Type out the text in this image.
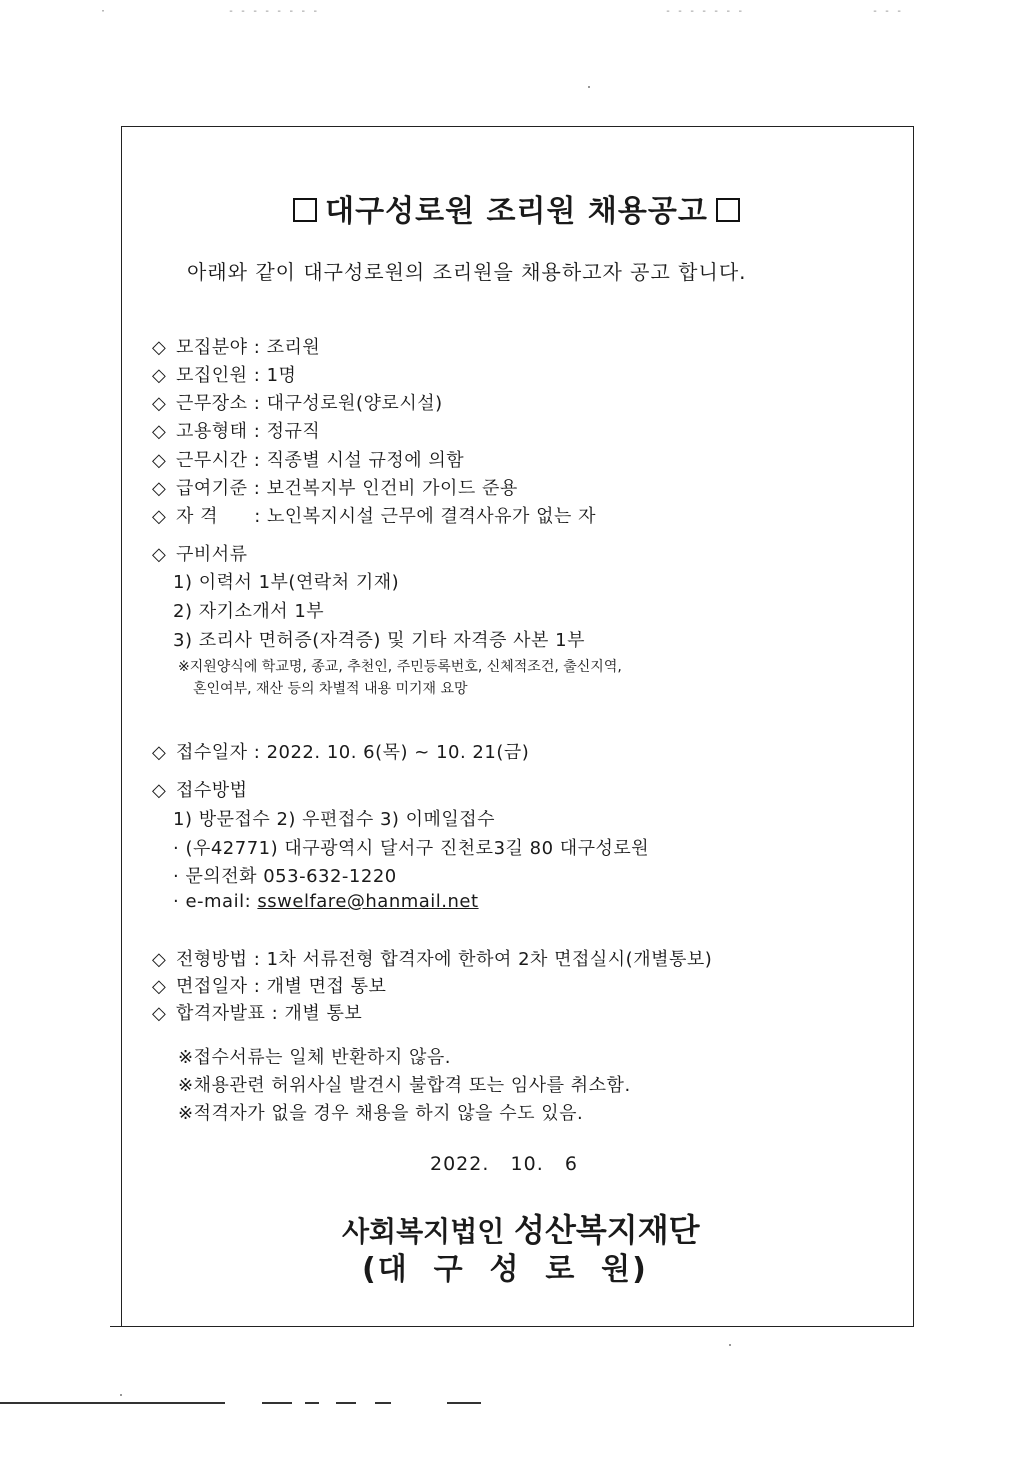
·	- - - - - - - -	- - - - - - -	- - -
대구성로원 조리원 채용공고
아래와 같이 대구성로원의 조리원을 채용하고자 공고 합니다.
◇ 모집분야 : 조리원
◇ 모집인원 : 1명
◇ 근무장소 : 대구성로원(양로시설)
◇ 고용형태 : 정규직
◇ 근무시간 : 직종별 시설 규정에 의함
◇ 급여기준 : 보건복지부 인건비 가이드 준용
◇ 자 격 : 노인복지시설 근무에 결격사유가 없는 자
◇ 구비서류
1) 이력서 1부(연락처 기재)
2) 자기소개서 1부
3) 조리사 면허증(자격증) 및 기타 자격증 사본 1부
※지원양식에 학교명, 종교, 추천인, 주민등록번호, 신체적조건, 출신지역,
혼인여부, 재산 등의 차별적 내용 미기재 요망
◇ 접수일자 : 2022. 10. 6(목) ~ 10. 21(금)
◇ 접수방법
1) 방문접수 2) 우편접수 3) 이메일접수
· (우42771) 대구광역시 달서구 진천로3길 80 대구성로원
· 문의전화 053-632-1220
· e-mail: sswelfare@hanmail.net
◇ 전형방법 : 1차 서류전형 합격자에 한하여 2차 면접실시(개별통보)
◇ 면접일자 : 개별 면접 통보
◇ 합격자발표 : 개별 통보
※접수서류는 일체 반환하지 않음.
※채용관련 허위사실 발견시 불합격 또는 임사를 취소함.
※적격자가 없을 경우 채용을 하지 않을 수도 있음.
2022.   10.   6
사회복지법인 성산복지재단
(대  구  성  로  원)
